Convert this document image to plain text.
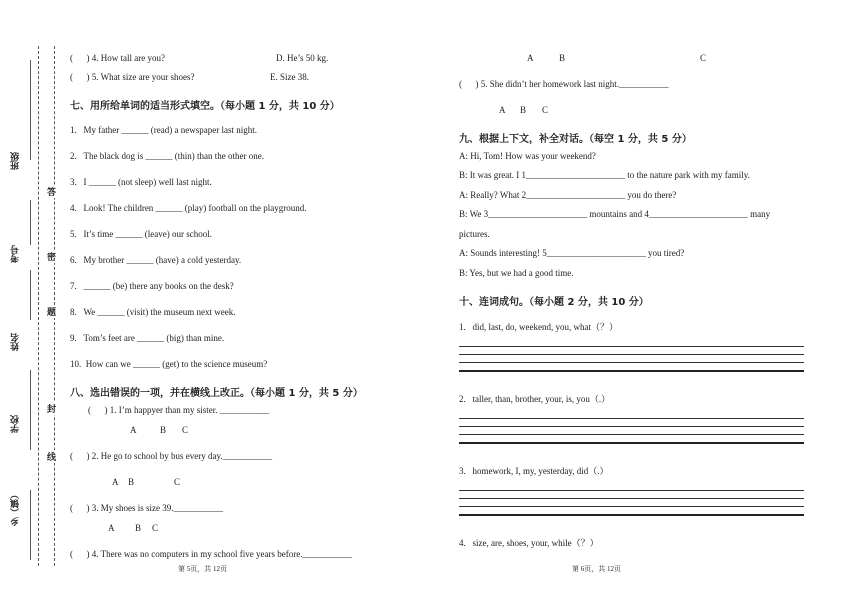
乡（镇）
学校
姓名
考号
班级
答
密
题
封
线
(      ) 4. How tall are you?	D. He’s 50 kg.
(      ) 5. What size are your shoes?	E. Size 38.
七、用所给单词的适当形式填空。（每小题 1 分，共 10 分）
1.   My father ______ (read) a newspaper last night.
2.   The black dog is ______ (thin) than the other one.
3.   I ______ (not sleep) well last night.
4.   Look! The children ______ (play) football on the playground.
5.   It’s time ______ (leave) our school.
6.   My brother ______ (have) a cold yesterday.
7.   ______ (be) there any books on the desk?
8.   We ______ (visit) the museum next week.
9.   Tom’s feet are ______ (big) than mine.
10.  How can we ______ (get) to the science museum?
八、选出错误的一项，并在横线上改正。（每小题 1 分，共 5 分）
(      ) 1. I’m happyer than my sister. ___________
A	B C
(      ) 2. He go to school by bus every day.___________
A B	C
(      ) 3. My shoes is size 39.___________
A B C
(      ) 4. There was no computers in my school five years before.___________
第 5页，共 12页
A	B	C
(      ) 5. She didn’t her homework last night.___________
A B C
九、根据上下文，补全对话。（每空 1 分，共 5 分）
A: Hi, Tom! How was your weekend?
B: It was great. I 1______________________ to the nature park with my family.
A: Really? What 2______________________ you do there?
B: We 3______________________ mountains and 4______________________ many
pictures.
A: Sounds interesting! 5______________________ you tired?
B: Yes, but we had a good time.
十、连词成句。（每小题 2 分，共 10 分）
1.   did, last, do, weekend, you, what（？）
2.   taller, than, brother, your, is, you（.）
3.   homework, I, my, yesterday, did（.）
4.   size, are, shoes, your, while（？）
第 6页，共 12页
